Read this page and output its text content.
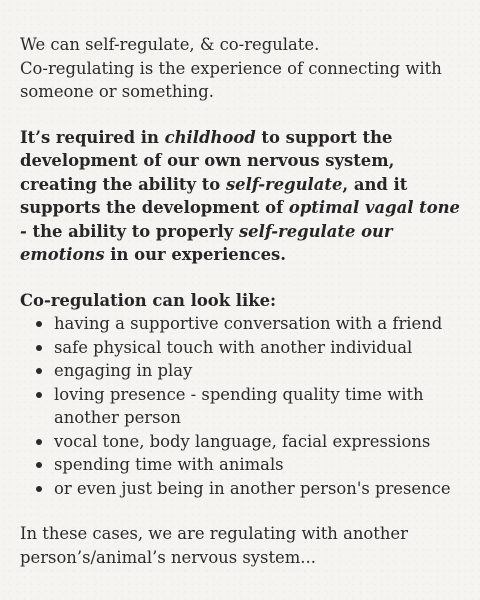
We can self-regulate, & co-regulate.
Co-regulating is the experience of connecting with someone or something.

It’s required in childhood to support the development of our own nervous system, creating the ability to self-regulate, and it supports the development of optimal vagal tone - the ability to properly self-regulate our emotions in our experiences.

Co-regulation can look like:

having a supportive conversation with a friend
safe physical touch with another individual
engaging in play
loving presence - spending quality time with another person
vocal tone, body language, facial expressions
spending time with animals
or even just being in another person's presence

In these cases, we are regulating with another person’s/animal’s nervous system...
